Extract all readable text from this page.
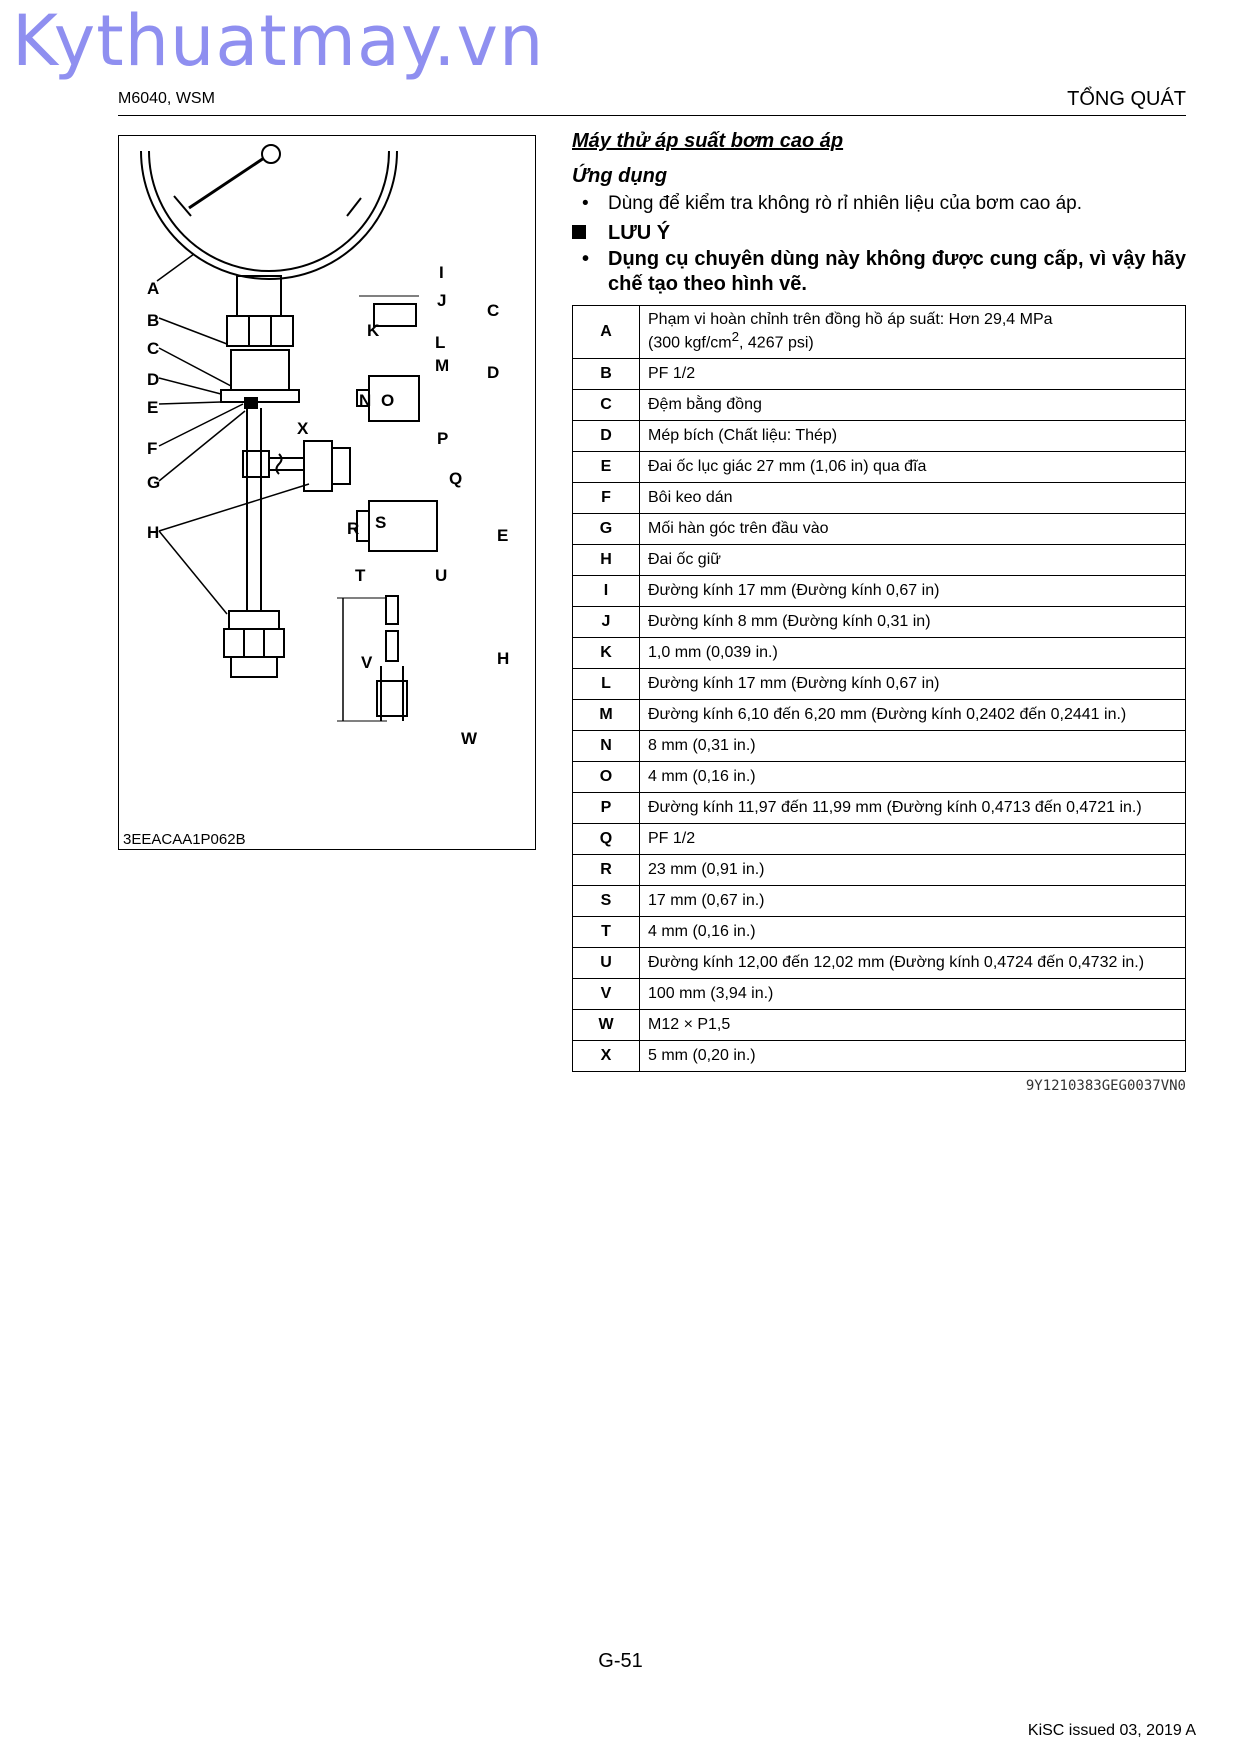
Kythuatmay.vn
M6040, WSM	TỔNG QUÁT
A
B
C
D
E
F
G
H
X
I
J
C
K
L
M D
N O
P
Q
R S
E
T	U
V	H
W
3EEACAA1P062B
Máy thử áp suất bơm cao áp
Ứng dụng
• Dùng để kiểm tra không rò rỉ nhiên liệu của bơm cao áp.
LƯU Ý
• Dụng cụ chuyên dùng này không được cung cấp, vì vậy hãy chế tạo theo hình vẽ.
A	Phạm vi hoàn chỉnh trên đồng hồ áp suất: Hơn 29,4 MPa
(300 kgf/$cm^2$, 4267 psi)
B	PF 1/2
C	Đệm bằng đồng
D	Mép bích (Chất liệu: Thép)
E	Đai ốc lục giác 27 mm (1,06 in) qua đĩa
F	Bôi keo dán
G	Mối hàn góc trên đầu vào
H	Đai ốc giữ
I	Đường kính 17 mm (Đường kính 0,67 in)
J	Đường kính 8 mm (Đường kính 0,31 in)
K	1,0 mm (0,039 in.)
L	Đường kính 17 mm (Đường kính 0,67 in)
M	Đường kính 6,10 đến 6,20 mm (Đường kính 0,2402 đến 0,2441 in.)
N	8 mm (0,31 in.)
O	4 mm (0,16 in.)
P	Đường kính 11,97 đến 11,99 mm (Đường kính 0,4713 đến 0,4721 in.)
Q	PF 1/2
R	23 mm (0,91 in.)
S	17 mm (0,67 in.)
T	4 mm (0,16 in.)
U	Đường kính 12,00 đến 12,02 mm (Đường kính 0,4724 đến 0,4732 in.)
V	100 mm (3,94 in.)
W	M12 × P1,5
X	5 mm (0,20 in.)
9Y1210383GEG0037VN0
G-51
KiSC issued 03, 2019 A
